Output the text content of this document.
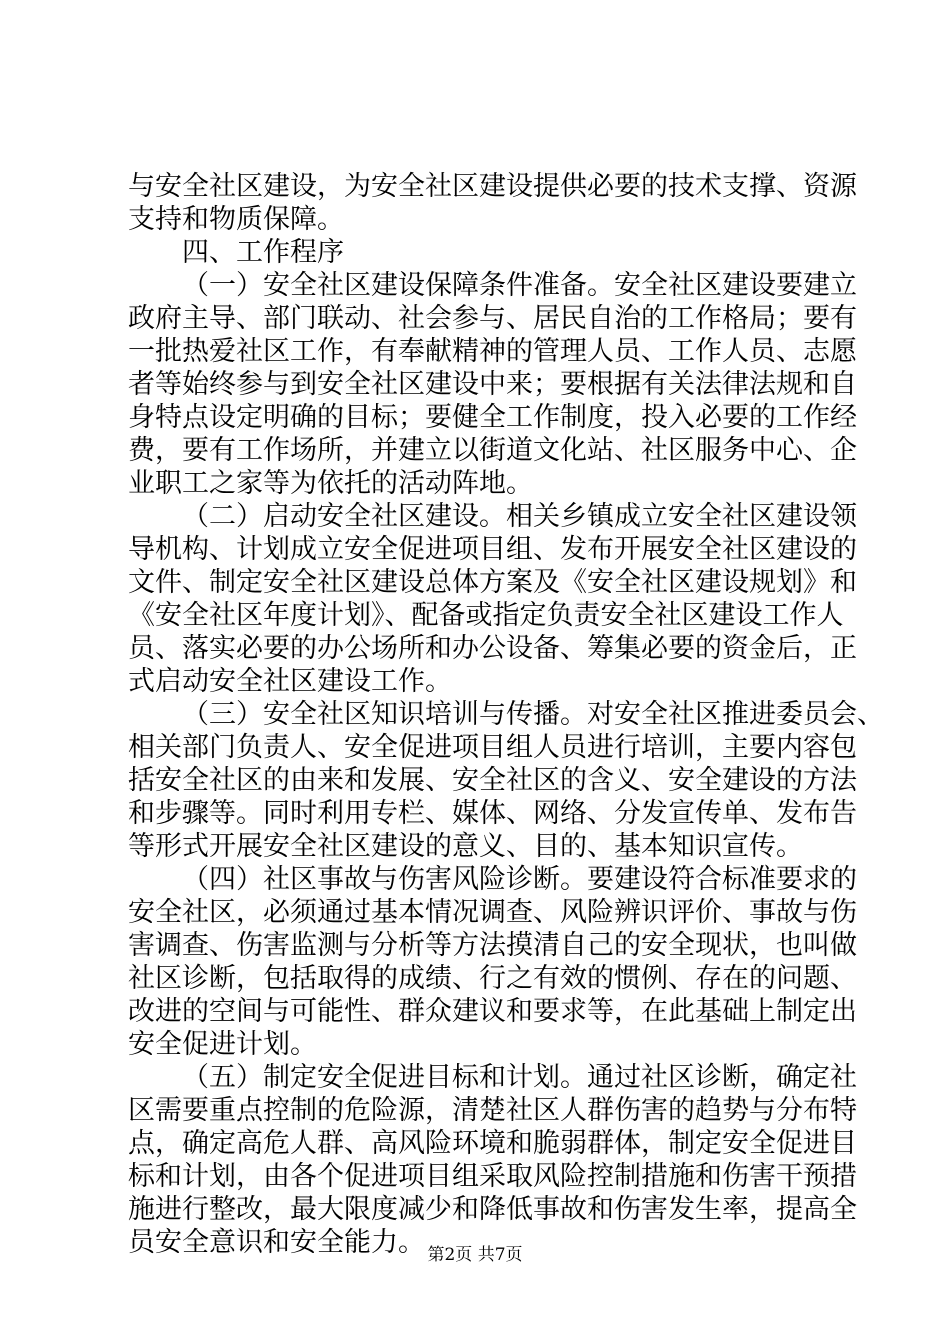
与安全社区建设，为安全社区建设提供必要的技术支撑、资源
支持和物质保障。
四、工作程序
（一）安全社区建设保障条件准备。安全社区建设要建立
政府主导、部门联动、社会参与、居民自治的工作格局；要有
一批热爱社区工作，有奉献精神的管理人员、工作人员、志愿
者等始终参与到安全社区建设中来；要根据有关法律法规和自
身特点设定明确的目标；要健全工作制度，投入必要的工作经
费，要有工作场所，并建立以街道文化站、社区服务中心、企
业职工之家等为依托的活动阵地。
（二）启动安全社区建设。相关乡镇成立安全社区建设领
导机构、计划成立安全促进项目组、发布开展安全社区建设的
文件、制定安全社区建设总体方案及《安全社区建设规划》和
《安全社区年度计划》、配备或指定负责安全社区建设工作人
员、落实必要的办公场所和办公设备、筹集必要的资金后，正
式启动安全社区建设工作。
（三）安全社区知识培训与传播。对安全社区推进委员会、
相关部门负责人、安全促进项目组人员进行培训，主要内容包
括安全社区的由来和发展、安全社区的含义、安全建设的方法
和步骤等。同时利用专栏、媒体、网络、分发宣传单、发布告
等形式开展安全社区建设的意义、目的、基本知识宣传。
（四）社区事故与伤害风险诊断。要建设符合标准要求的
安全社区，必须通过基本情况调查、风险辨识评价、事故与伤
害调查、伤害监测与分析等方法摸清自己的安全现状，也叫做
社区诊断，包括取得的成绩、行之有效的惯例、存在的问题、
改进的空间与可能性、群众建议和要求等，在此基础上制定出
安全促进计划。
（五）制定安全促进目标和计划。通过社区诊断，确定社
区需要重点控制的危险源，清楚社区人群伤害的趋势与分布特
点，确定高危人群、高风险环境和脆弱群体，制定安全促进目
标和计划，由各个促进项目组采取风险控制措施和伤害干预措
施进行整改，最大限度减少和降低事故和伤害发生率，提高全
员安全意识和安全能力。 第2页 共7页
